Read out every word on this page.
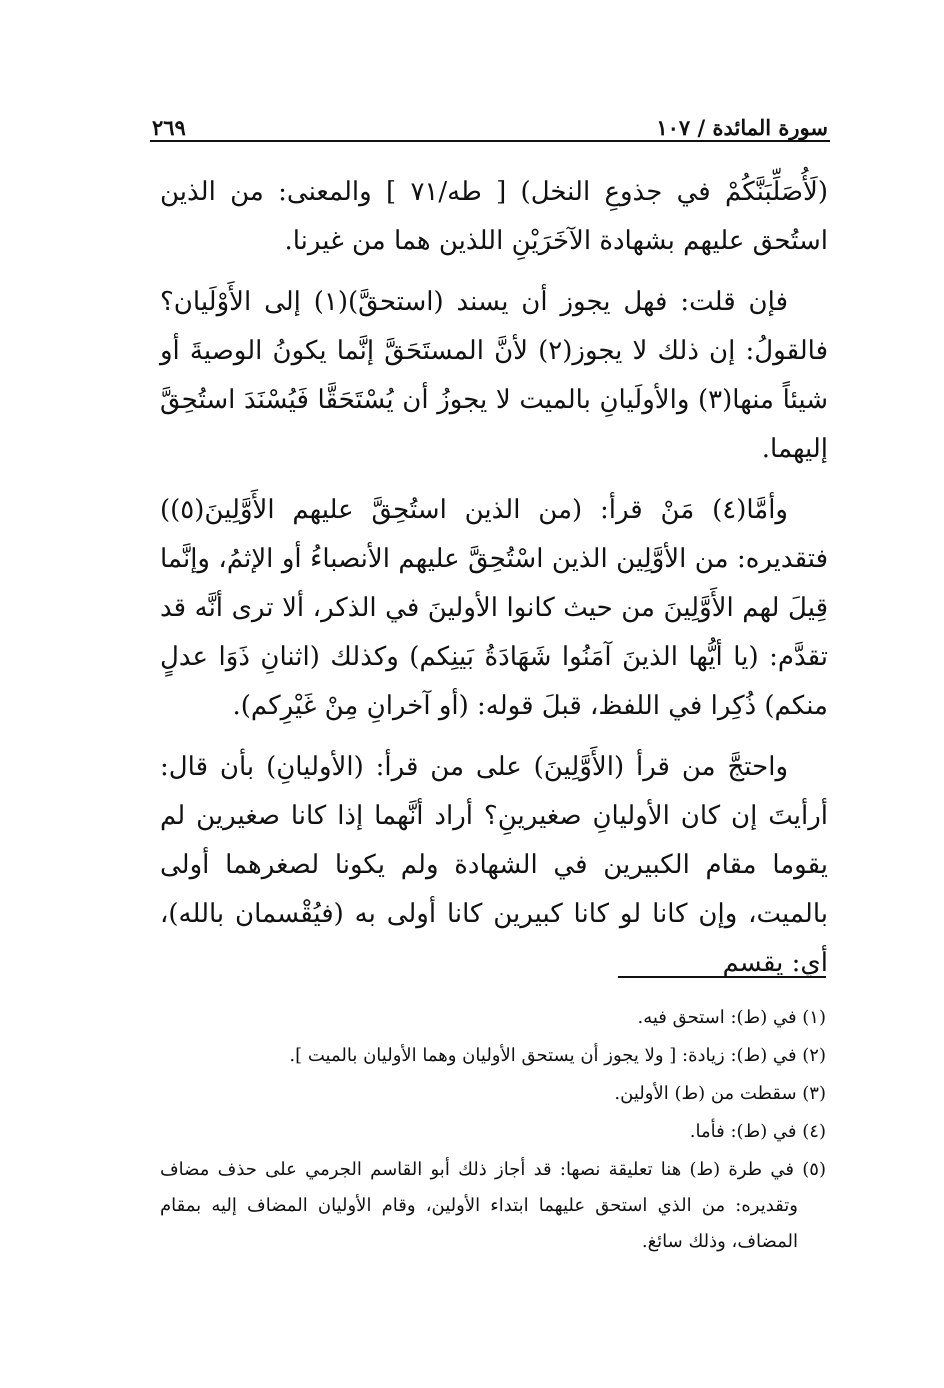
سورة المائدة / ١٠٧
٢٦٩

(لَأُصَلِّبَنَّكُمْ في جذوعِ النخل) [ طه/٧١ ] والمعنى: من الذين استُحق عليهم بشهادة الآخَرَيْنِ اللذين هما من غيرنا.

فإن قلت: فهل يجوز أن يسند (استحقَّ)(١) إلى الأَوْلَيان؟ فالقولُ: إن ذلك لا يجوز(٢) لأنَّ المستَحَقَّ إنَّما يكونُ الوصيةَ أو شيئاً منها(٣) والأولَيانِ بالميت لا يجوزُ أن يُسْتَحَقَّا فَيُسْنَدَ استُحِقَّ إليهما.

وأمَّا(٤) مَنْ قرأ: (من الذين استُحِقَّ عليهم الأَوَّلِينَ(٥)) فتقديره: من الأوَّلِين الذين اسْتُحِقَّ عليهم الأنصباءُ أو الإثمُ، وإنَّما قِيلَ لهم الأَوَّلِينَ من حيث كانوا الأولينَ في الذكر، ألا ترى أنَّه قد تقدَّم: (يا أيُّها الذينَ آمَنُوا شَهَادَةُ بَينِكم) وكذلك (اثنانِ ذَوَا عدلٍ منكم) ذُكِرا في اللفظ، قبلَ قوله: (أو آخرانِ مِنْ غَيْرِكم).

واحتجَّ من قرأ (الأَوَّلِينَ) على من قرأ: (الأوليانِ) بأن قال: أرأيتَ إن كان الأوليانِ صغيرينِ؟ أراد أنَّهما إذا كانا صغيرين لم يقوما مقام الكبيرين في الشهادة ولم يكونا لصغرهما أولى بالميت، وإن كانا لو كانا كبيرين كانا أولى به (فيُقْسمان بالله)، أي: يقسم

(١) في (ط): استحق فيه.

(٢) في (ط): زيادة: [ ولا يجوز أن يستحق الأوليان وهما الأوليان بالميت ].

(٣) سقطت من (ط) الأولين.

(٤) في (ط): فأما.

(٥) في طرة (ط) هنا تعليقة نصها: قد أجاز ذلك أبو القاسم الجرمي على حذف مضاف وتقديره: من الذي استحق عليهما ابتداء الأولين، وقام الأوليان المضاف إليه بمقام المضاف، وذلك سائغ.
